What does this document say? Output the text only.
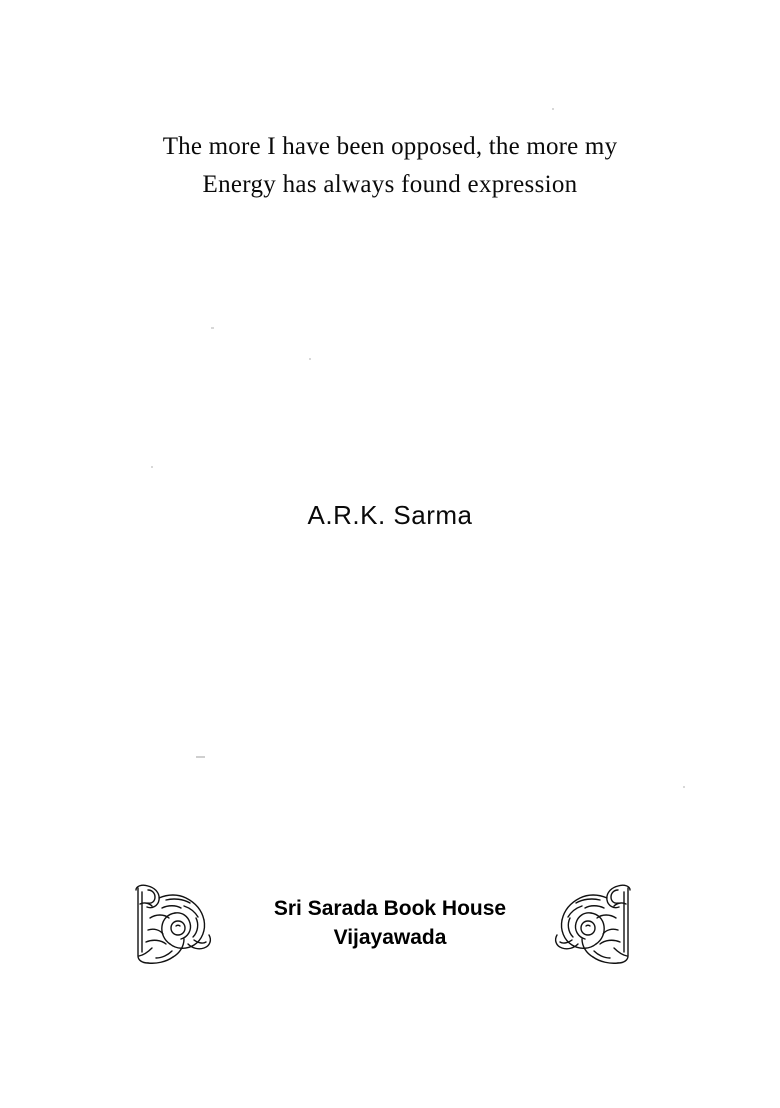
The more I have been opposed, the more my
Energy has always found expression
A.R.K. Sarma
Sri Sarada Book House
Vijayawada
